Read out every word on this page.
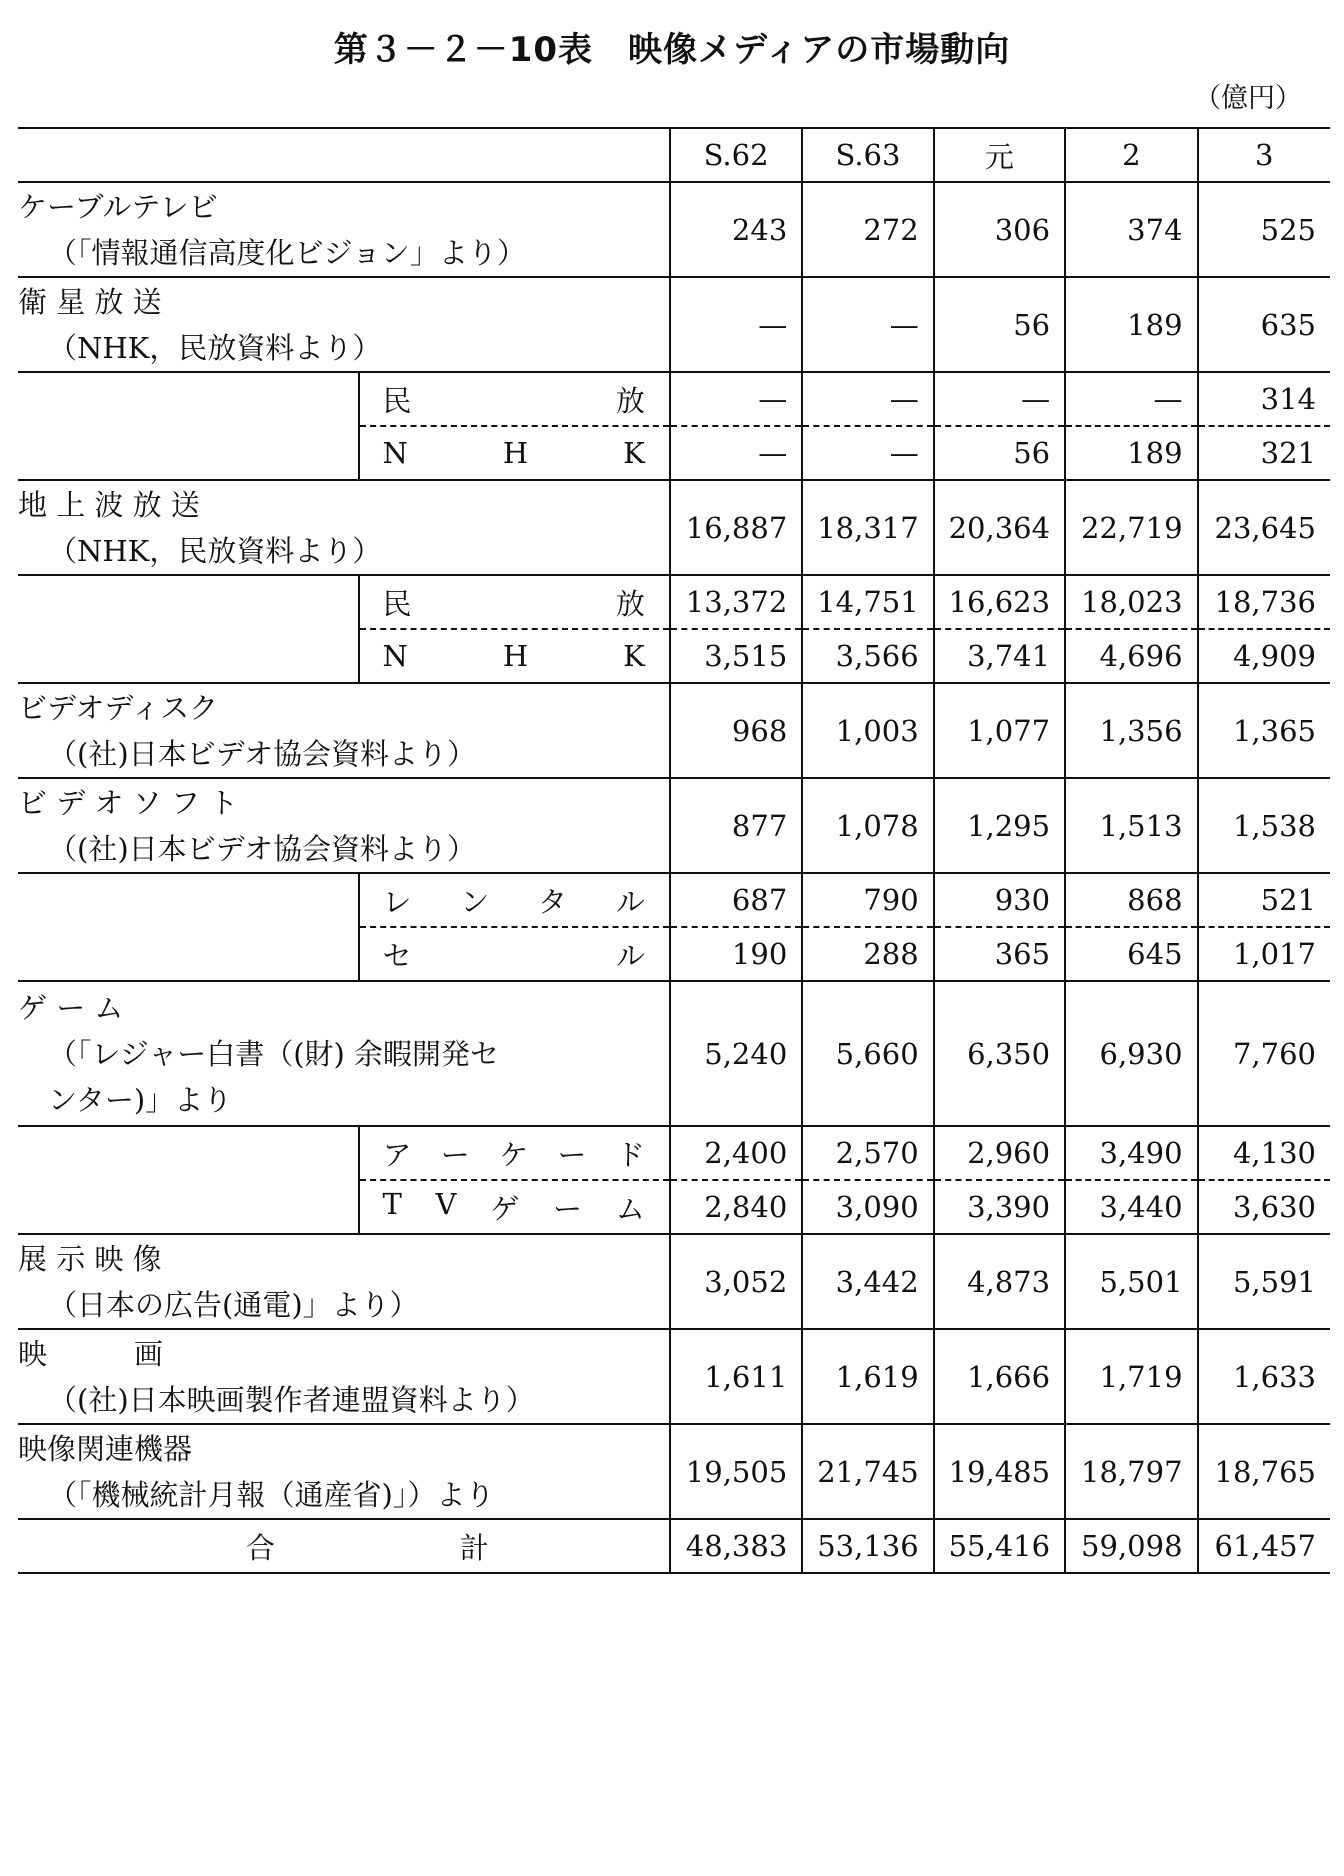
第３－２－10表　映像メディアの市場動向
（億円）
		S.62	S.63	元	2	3

ケーブルテレビ
（「情報通信高度化ビジョン」より）		243	272	306	374	525

衛 星 放 送
（NHK，民放資料より）		—	—	56	189	635

	民 放	—	—	—	—	314

	N H K	—	—	56	189	321

地 上 波 放 送
（NHK，民放資料より）		16,887	18,317	20,364	22,719	23,645

	民 放	13,372	14,751	16,623	18,023	18,736

	N H K	3,515	3,566	3,741	4,696	4,909

ビデオディスク
（(社)日本ビデオ協会資料より）		968	1,003	1,077	1,356	1,365

ビ デ オ ソ フ ト
（(社)日本ビデオ協会資料より）		877	1,078	1,295	1,513	1,538

	レ ン タ ル	687	790	930	868	521

	セ ル	190	288	365	645	1,017

ゲ ー ム
（「レジャー白書（(財) 余暇開発センター)」より		5,240	5,660	6,350	6,930	7,760

	ア ー ケ ー ド	2,400	2,570	2,960	3,490	4,130

	T V ゲ ー ム	2,840	3,090	3,390	3,440	3,630

展 示 映 像
（日本の広告(通電)」より）		3,052	3,442	4,873	5,501	5,591

映　　　画
（(社)日本映画製作者連盟資料より）		1,611	1,619	1,666	1,719	1,633

映像関連機器
（「機械統計月報（通産省)」）より		19,505	21,745	19,485	18,797	18,765

合 計		48,383	53,136	55,416	59,098	61,457
